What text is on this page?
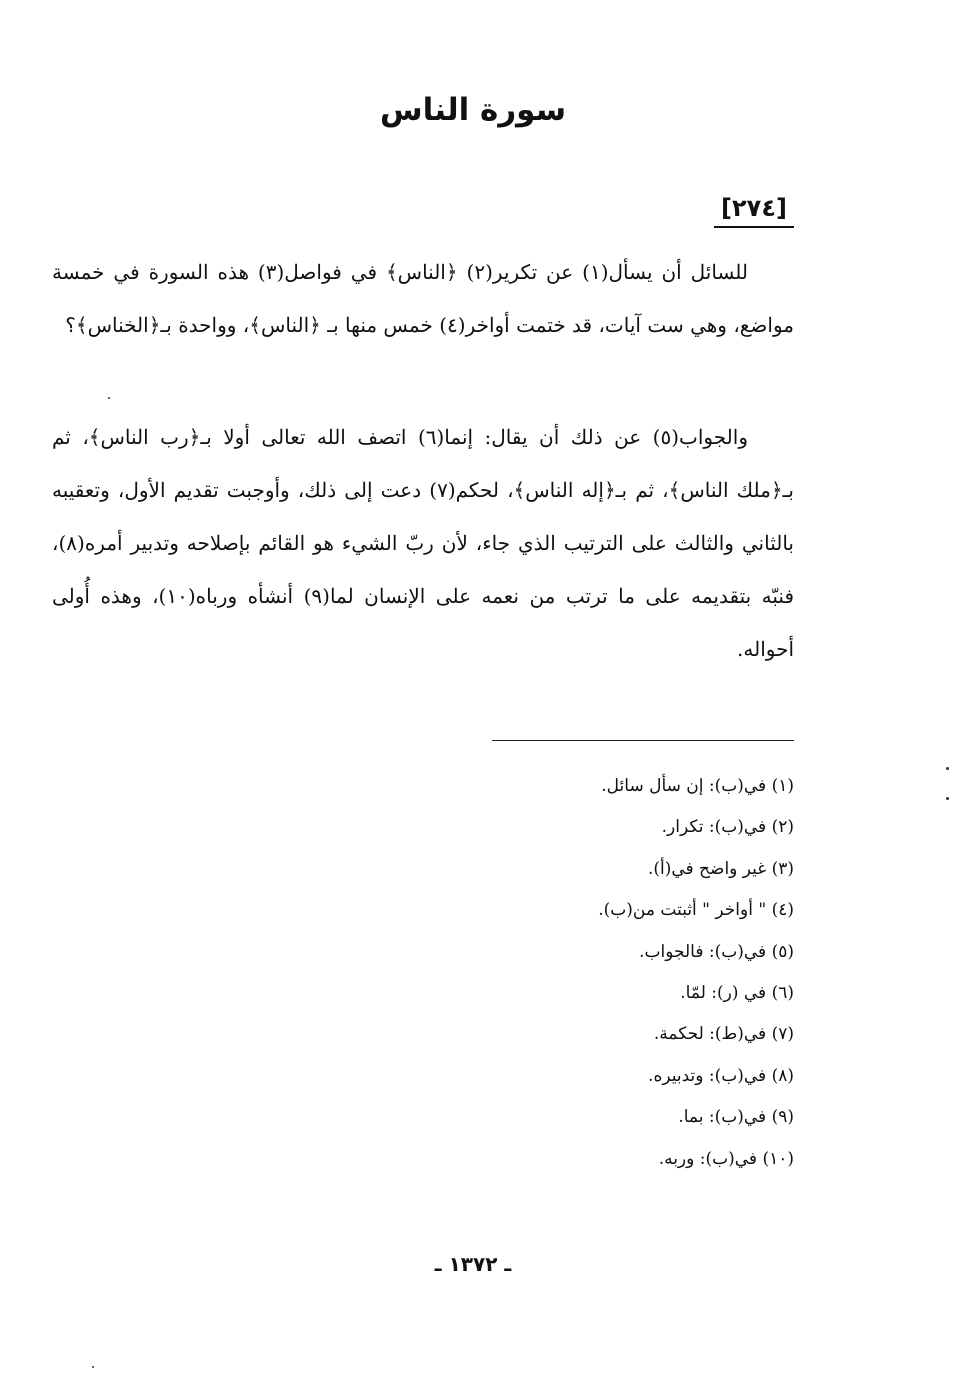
سورة الناس
[٢٧٤]

للسائل أن يسأل(١) عن تكرير(٢) ﴿الناس﴾ في فواصل(٣) هذه السورة في خمسة مواضع، وهي ست آيات، قد ختمت أواخر(٤) خمس منها بـ ﴿الناس﴾، وواحدة بـ﴿الخناس﴾؟

والجواب(٥) عن ذلك أن يقال: إنما(٦) اتصف الله تعالى أولا بـ﴿رب الناس﴾، ثم بـ﴿ملك الناس﴾، ثم بـ﴿إله الناس﴾، لحكم(٧) دعت إلى ذلك، وأوجبت تقديم الأول، وتعقيبه بالثاني والثالث على الترتيب الذي جاء، لأن ربّ الشيء هو القائم بإصلاحه وتدبير أمره(٨)، فنبّه بتقديمه على ما ترتب من نعمه على الإنسان لما(٩) أنشأه ورباه(١٠)، وهذه أُولى أحواله.

(١) في(ب): إن سأل سائل.
(٢) في(ب): تكرار.
(٣) غير واضح في(أ).
(٤) " أواخر " أثبتت من(ب).
(٥) في(ب): فالجواب.
(٦) في (ر): لمّا.
(٧) في(ط): لحكمة.
(٨) في(ب): وتدبيره.
(٩) في(ب): بما.
(١٠) في(ب): وربه.
ـ ١٣٧٢ ـ
